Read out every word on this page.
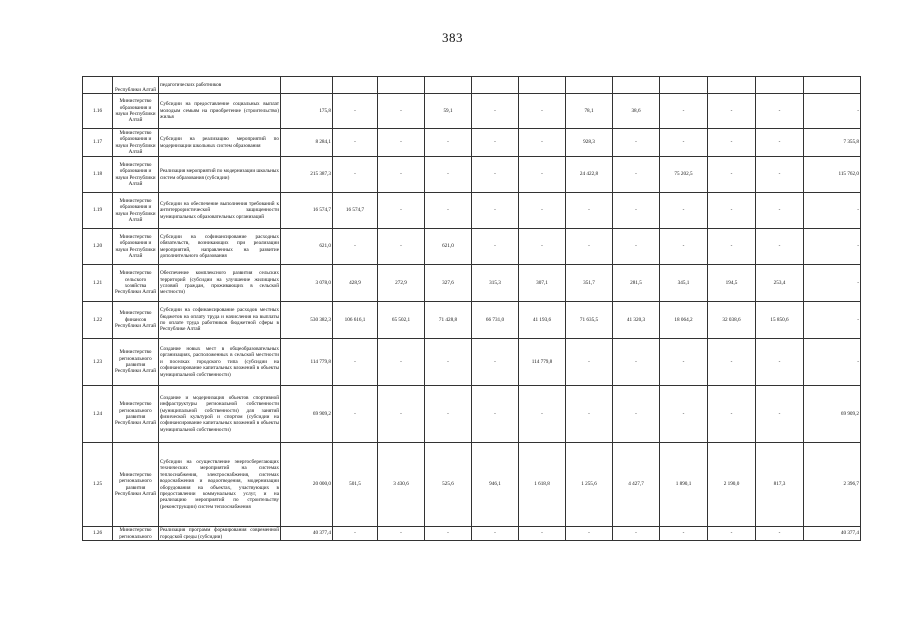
383
	Республики Алтай	педагогических работников												
1.16	Министерство образования и науки Республики Алтай	Субсидии на предоставление социальных выплат молодым семьям на приобретение (строительство) жилья	175,8	-	-	59,1	-	-	78,1	38,6	-	-	-	-
1.17	Министерство образования и науки Республики Алтай	Субсидии на реализацию мероприятий по модернизации школьных систем образования	8 284,1	-	-	-	-	-	928,3	-	-	-	-	7 355,8
1.18	Министерство образования и науки Республики Алтай	Реализация мероприятий по модернизации школьных систем образования (субсидии)	215 387,3	-	-	-	-	-	24 422,8	-	75 202,5	-	-	115 762,0
1.19	Министерство образования и науки Республики Алтай	Субсидии на обеспечение выполнения требований к антитеррористической защищенности муниципальных образовательных организаций	16 574,7	16 574,7	-	-	-	-	-	-	-	-	-	-
1.20	Министерство образования и науки Республики Алтай	Субсидии на софинансирование расходных обязательств, возникающих при реализации мероприятий, направленных на развитие дополнительного образования	621,0	-	-	621,0	-	-	-	-	-	-	-	-
1.21	Министерство сельского хозяйства Республики Алтай	Обеспечение комплексного развития сельских территорий (субсидии на улучшение жилищных условий граждан, проживающих в сельской местности)	3 078,0	428,9	272,9	327,6	315,3	307,1	351,7	281,5	345,1	194,5	253,4	-
1.22	Министерство финансов Республики Алтай	Субсидии на софинансирование расходов местных бюджетов на оплату труда и начисления на выплаты по оплате труда работников бюджетной сферы в Республике Алтай	530 382,3	106 616,1	65 502,1	71 428,8	66 731,0	41 193,6	71 635,5	41 320,3	18 064,2	32 038,6	15 850,6	-
1.23	Министерство регионального развития Республики Алтай	Создание новых мест в общеобразовательных организациях, расположенных в сельской местности и поселках городского типа (субсидии на софинансирование капитальных вложений в объекты муниципальной собственности)	114 779,8	-	-	-	-	114 779,8	-	-	-	-	-	-
1.24	Министерство регионального развития Республики Алтай	Создание и модернизация объектов спортивной инфраструктуры региональной собственности (муниципальной собственности) для занятий физической культурой и спортом (субсидии на софинансирование капитальных вложений в объекты муниципальной собственности)	69 909,2	-	-	-	-	-	-	-	-	-	-	69 909,2
1.25	Министерство регионального развития Республики Алтай	Субсидии на осуществление энергосберегающих технических мероприятий на системах теплоснабжения, электроснабжения, системах водоснабжения и водоотведения, модернизации оборудования на объектах, участвующих в предоставлении коммунальных услуг, и на реализацию мероприятий по строительству (реконструкции) систем теплоснабжения	20 000,0	501,5	3 430,6	525,6	946,1	1 618,8	1 255,6	4 427,7	1 890,1	2 190,0	817,3	2 396,7
1.26	Министерство регионального	Реализация программ формирования современной городской среды (субсидии)	40 377,4	-	-	-	-	-	-	-	-	-	-	40 377,4
